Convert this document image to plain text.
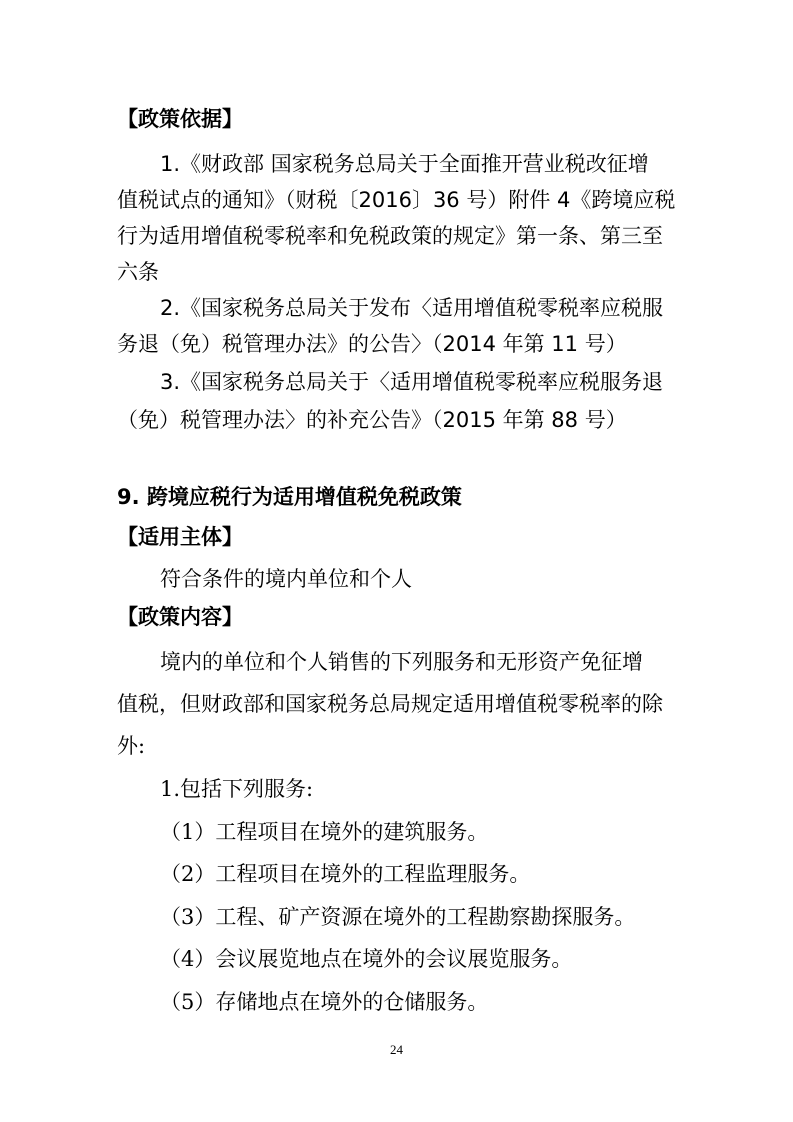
【政策依据】
1.《财政部 国家税务总局关于全面推开营业税改征增
值税试点的通知》（财税〔2016〕36 号）附件 4《跨境应税
行为适用增值税零税率和免税政策的规定》第一条、第三至
六条
2.《国家税务总局关于发布〈适用增值税零税率应税服
务退（免）税管理办法》的公告〉（2014 年第 11 号）
3.《国家税务总局关于〈适用增值税零税率应税服务退
（免）税管理办法〉的补充公告》（2015 年第 88 号）
9. 跨境应税行为适用增值税免税政策
【适用主体】
符合条件的境内单位和个人
【政策内容】
境内的单位和个人销售的下列服务和无形资产免征增
值税，但财政部和国家税务总局规定适用增值税零税率的除
外:
1.包括下列服务:
（1）工程项目在境外的建筑服务。
（2）工程项目在境外的工程监理服务。
（3）工程、矿产资源在境外的工程勘察勘探服务。
（4）会议展览地点在境外的会议展览服务。
（5）存储地点在境外的仓储服务。
24
